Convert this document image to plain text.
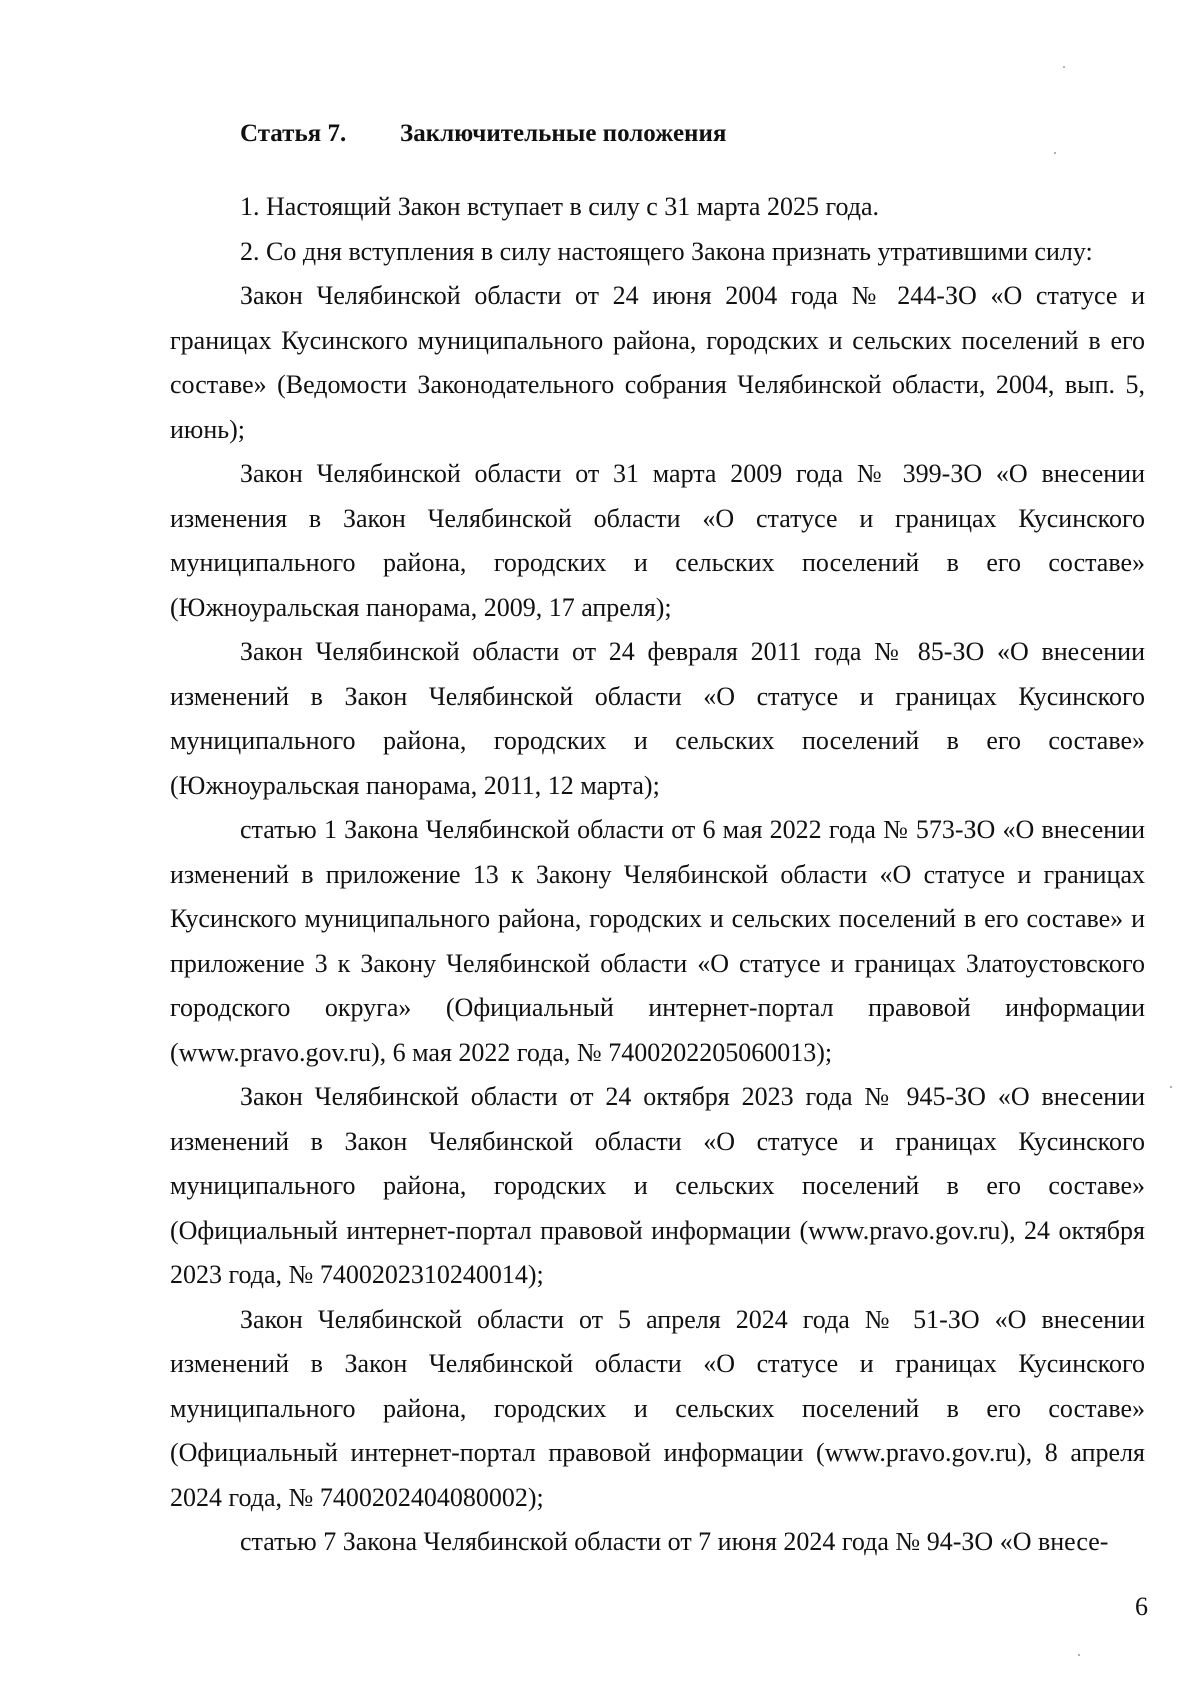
Статья 7. Заключительные положения

1. Настоящий Закон вступает в силу с 31 марта 2025 года.

2. Со дня вступления в силу настоящего Закона признать утратившими силу:

Закон Челябинской области от 24 июня 2004 года № 244-ЗО «О статусе и границах Кусинского муниципального района, городских и сельских поселений в его составе» (Ведомости Законодательного собрания Челябинской области, 2004, вып. 5, июнь);

Закон Челябинской области от 31 марта 2009 года № 399-ЗО «О внесении изменения в Закон Челябинской области «О статусе и границах Кусинского муниципального района, городских и сельских поселений в его составе» (Южноуральская панорама, 2009, 17 апреля);

Закон Челябинской области от 24 февраля 2011 года № 85-ЗО «О внесении изменений в Закон Челябинской области «О статусе и границах Кусинского муниципального района, городских и сельских поселений в его составе» (Южноуральская панорама, 2011, 12 марта);

статью 1 Закона Челябинской области от 6 мая 2022 года № 573-ЗО «О внесении изменений в приложение 13 к Закону Челябинской области «О статусе и границах Кусинского муниципального района, городских и сельских поселений в его составе» и приложение 3 к Закону Челябинской области «О статусе и границах Златоустовского городского округа» (Официальный интернет-портал правовой информации (www.pravo.gov.ru), 6 мая 2022 года, № 7400202205060013);

Закон Челябинской области от 24 октября 2023 года № 945-ЗО «О внесении изменений в Закон Челябинской области «О статусе и границах Кусинского муниципального района, городских и сельских поселений в его составе» (Официальный интернет-портал правовой информации (www.pravo.gov.ru), 24 октября 2023 года, № 7400202310240014);

Закон Челябинской области от 5 апреля 2024 года № 51-ЗО «О внесении изменений в Закон Челябинской области «О статусе и границах Кусинского муниципального района, городских и сельских поселений в его составе» (Официальный интернет-портал правовой информации (www.pravo.gov.ru), 8 апреля 2024 года, № 7400202404080002);

статью 7 Закона Челябинской области от 7 июня 2024 года № 94-ЗО «О внесе-

6
